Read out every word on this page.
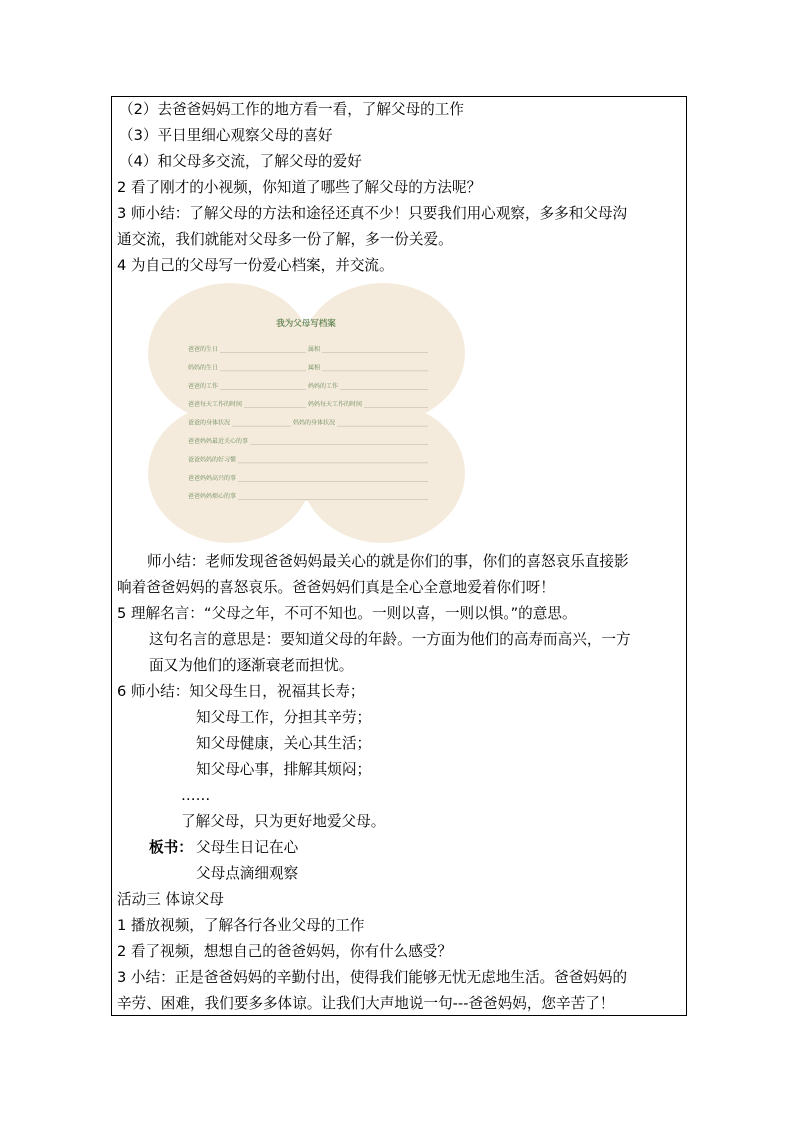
（2）去爸爸妈妈工作的地方看一看，了解父母的工作
（3）平日里细心观察父母的喜好
（4）和父母多交流，了解父母的爱好
2 看了刚才的小视频，你知道了哪些了解父母的方法呢？
3 师小结：了解父母的方法和途径还真不少！只要我们用心观察，多多和父母沟
通交流，我们就能对父母多一份了解，多一份关爱。
4 为自己的父母写一份爱心档案，并交流。
我为父母写档案
爸爸的生日	属相
妈妈的生日	属相
爸爸的工作	妈妈的工作
爸爸每天工作的时间	妈妈每天工作的时间
爸爸的身体状况	妈妈的身体状况
爸爸妈妈最近关心的事
爸爸妈妈的好习惯
爸爸妈妈高兴的事
爸爸妈妈烦心的事
师小结：老师发现爸爸妈妈最关心的就是你们的事，你们的喜怒哀乐直接影
响着爸爸妈妈的喜怒哀乐。爸爸妈妈们真是全心全意地爱着你们呀！
5 理解名言：“父母之年，不可不知也。一则以喜，一则以惧。”的意思。
这句名言的意思是：要知道父母的年龄。一方面为他们的高寿而高兴，一方
面又为他们的逐渐衰老而担忧。
6 师小结：知父母生日，祝福其长寿；
知父母工作，分担其辛劳；
知父母健康，关心其生活；
知父母心事，排解其烦闷；
……
了解父母，只为更好地爱父母。
板书： 父母生日记在心
父母点滴细观察
活动三 体谅父母
1 播放视频，了解各行各业父母的工作
2 看了视频，想想自己的爸爸妈妈，你有什么感受？
3 小结：正是爸爸妈妈的辛勤付出，使得我们能够无忧无虑地生活。爸爸妈妈的
辛劳、困难，我们要多多体谅。让我们大声地说一句---爸爸妈妈，您辛苦了！
